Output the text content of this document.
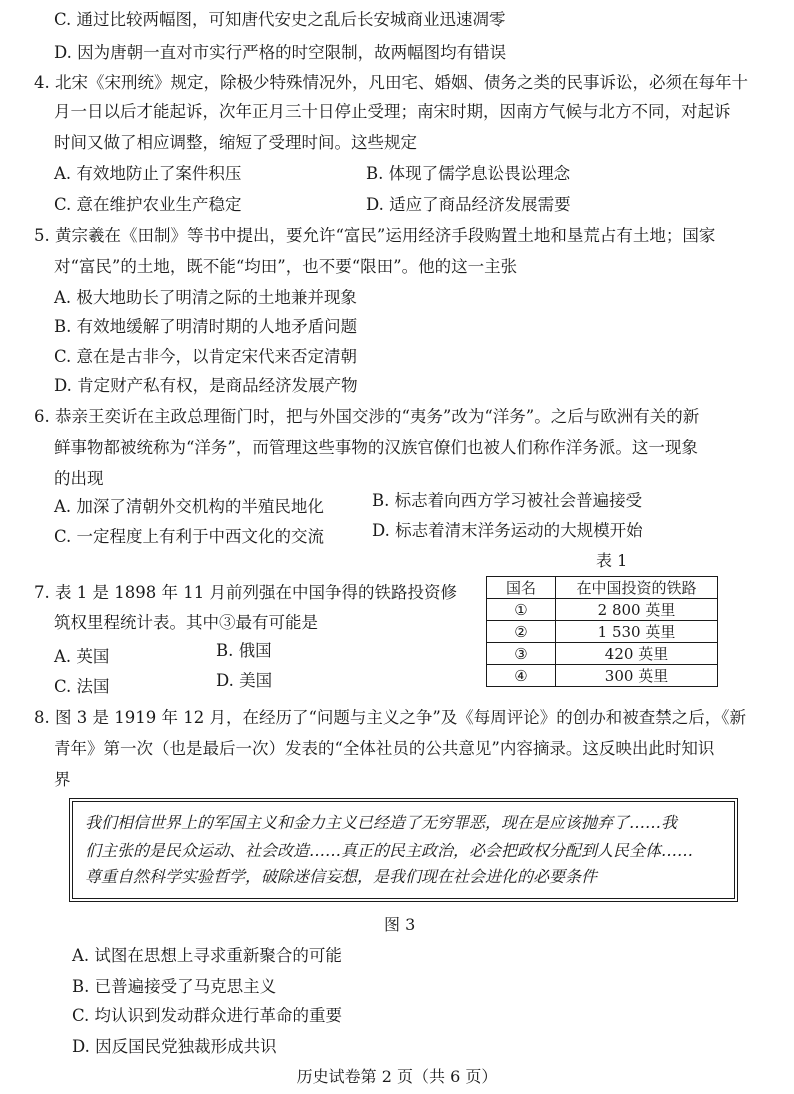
C. 通过比较两幅图，可知唐代安史之乱后长安城商业迅速凋零
D. 因为唐朝一直对市实行严格的时空限制，故两幅图均有错误
4. 北宋《宋刑统》规定，除极少特殊情况外，凡田宅、婚姻、债务之类的民事诉讼，必须在每年十
月一日以后才能起诉，次年正月三十日停止受理；南宋时期，因南方气候与北方不同，对起诉
时间又做了相应调整，缩短了受理时间。这些规定
A. 有效地防止了案件积压	B. 体现了儒学息讼畏讼理念
C. 意在维护农业生产稳定	D. 适应了商品经济发展需要
5. 黄宗羲在《田制》等书中提出，要允许“富民”运用经济手段购置土地和垦荒占有土地；国家
对“富民”的土地，既不能“均田”，也不要“限田”。他的这一主张
A. 极大地助长了明清之际的土地兼并现象
B. 有效地缓解了明清时期的人地矛盾问题
C. 意在是古非今，以肯定宋代来否定清朝
D. 肯定财产私有权，是商品经济发展产物
6. 恭亲王奕䜣在主政总理衙门时，把与外国交涉的“夷务”改为“洋务”。之后与欧洲有关的新
鲜事物都被统称为“洋务”，而管理这些事物的汉族官僚们也被人们称作洋务派。这一现象
的出现
A. 加深了清朝外交机构的半殖民地化	B. 标志着向西方学习被社会普遍接受
C. 一定程度上有利于中西文化的交流	D. 标志着清末洋务运动的大规模开始
表 1
国名	在中国投资的铁路
①	2 800 英里
②	1 530 英里
③	420 英里
④	300 英里
7. 表 1 是 1898 年 11 月前列强在中国争得的铁路投资修
筑权里程统计表。其中③最有可能是
A. 英国	B. 俄国
C. 法国	D. 美国
8. 图 3 是 1919 年 12 月，在经历了“问题与主义之争”及《每周评论》的创办和被查禁之后，《新
青年》第一次（也是最后一次）发表的“全体社员的公共意见”内容摘录。这反映出此时知识
界
我们相信世界上的军国主义和金力主义已经造了无穷罪恶，现在是应该抛弃了……我
们主张的是民众运动、社会改造……真正的民主政治，必会把政权分配到人民全体……
尊重自然科学实验哲学，破除迷信妄想，是我们现在社会进化的必要条件
图 3
A. 试图在思想上寻求重新聚合的可能
B. 已普遍接受了马克思主义
C. 均认识到发动群众进行革命的重要
D. 因反国民党独裁形成共识
历史试卷第 2 页（共 6 页）
